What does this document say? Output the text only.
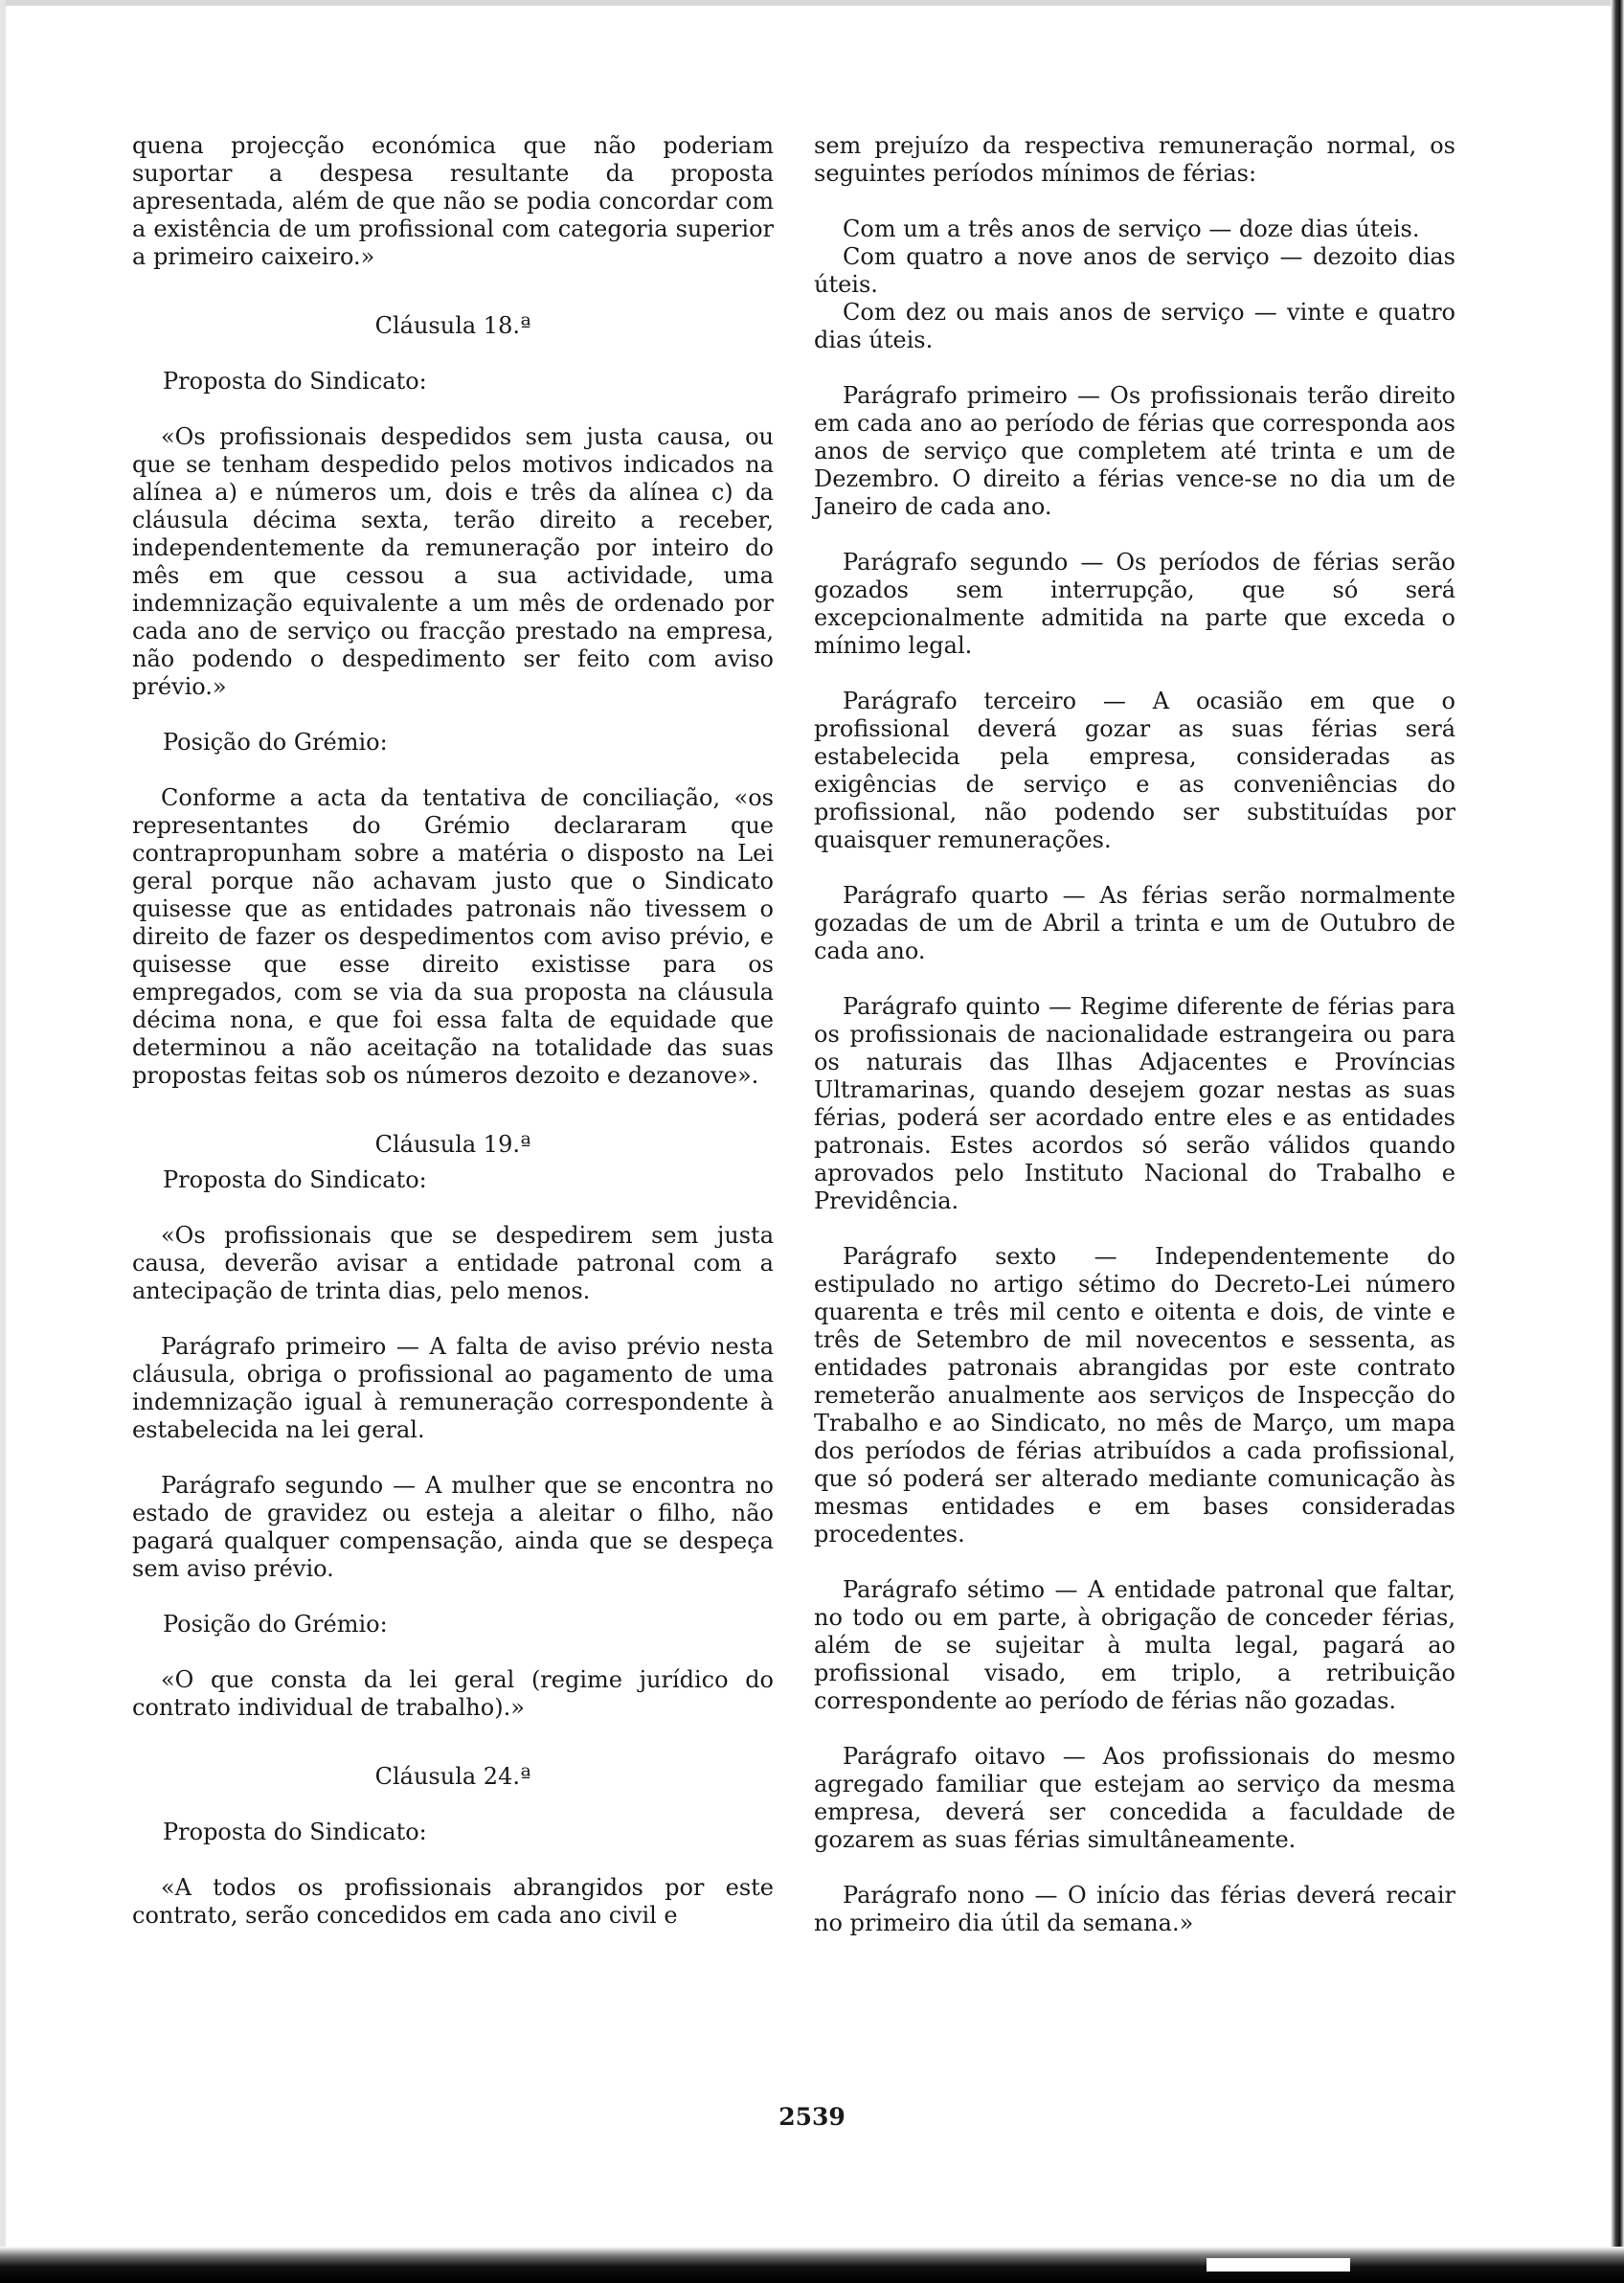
quena projecção económica que não poderiam suportar a despesa resultante da proposta apresentada, além de que não se podia concordar com a existência de um profissional com categoria superior a primeiro caixeiro.»

Cláusula 18.ª

Proposta do Sindicato:

«Os profissionais despedidos sem justa causa, ou que se tenham despedido pelos motivos indicados na alínea a) e números um, dois e três da alínea c) da cláusula décima sexta, terão direito a receber, independentemente da remuneração por inteiro do mês em que cessou a sua actividade, uma indemnização equivalente a um mês de ordenado por cada ano de serviço ou fracção prestado na empresa, não podendo o despedimento ser feito com aviso prévio.»

Posição do Grémio:

Conforme a acta da tentativa de conciliação, «os representantes do Grémio declararam que contrapropunham sobre a matéria o disposto na Lei geral porque não achavam justo que o Sindicato quisesse que as entidades patronais não tivessem o direito de fazer os despedimentos com aviso prévio, e quisesse que esse direito existisse para os empregados, com se via da sua proposta na cláusula décima nona, e que foi essa falta de equidade que determinou a não aceitação na totalidade das suas propostas feitas sob os números dezoito e dezanove».

Cláusula 19.ª

Proposta do Sindicato:

«Os profissionais que se despedirem sem justa causa, deverão avisar a entidade patronal com a antecipação de trinta dias, pelo menos.

Parágrafo primeiro — A falta de aviso prévio nesta cláusula, obriga o profissional ao pagamento de uma indemnização igual à remuneração correspondente à estabelecida na lei geral.

Parágrafo segundo — A mulher que se encontra no estado de gravidez ou esteja a aleitar o filho, não pagará qualquer compensação, ainda que se despeça sem aviso prévio.

Posição do Grémio:

«O que consta da lei geral (regime jurídico do contrato individual de trabalho).»

Cláusula 24.ª

Proposta do Sindicato:

«A todos os profissionais abrangidos por este contrato, serão concedidos em cada ano civil e

sem prejuízo da respectiva remuneração normal, os seguintes períodos mínimos de férias:

Com um a três anos de serviço — doze dias úteis.

Com quatro a nove anos de serviço — dezoito dias úteis.

Com dez ou mais anos de serviço — vinte e quatro dias úteis.

Parágrafo primeiro — Os profissionais terão direito em cada ano ao período de férias que corresponda aos anos de serviço que completem até trinta e um de Dezembro. O direito a férias vence-se no dia um de Janeiro de cada ano.

Parágrafo segundo — Os períodos de férias serão gozados sem interrupção, que só será excepcionalmente admitida na parte que exceda o mínimo legal.

Parágrafo terceiro — A ocasião em que o profissional deverá gozar as suas férias será estabelecida pela empresa, consideradas as exigências de serviço e as conveniências do profissional, não podendo ser substituídas por quaisquer remunerações.

Parágrafo quarto — As férias serão normalmente gozadas de um de Abril a trinta e um de Outubro de cada ano.

Parágrafo quinto — Regime diferente de férias para os profissionais de nacionalidade estrangeira ou para os naturais das Ilhas Adjacentes e Províncias Ultramarinas, quando desejem gozar nestas as suas férias, poderá ser acordado entre eles e as entidades patronais. Estes acordos só serão válidos quando aprovados pelo Instituto Nacional do Trabalho e Previdência.

Parágrafo sexto — Independentemente do estipulado no artigo sétimo do Decreto-Lei número quarenta e três mil cento e oitenta e dois, de vinte e três de Setembro de mil novecentos e sessenta, as entidades patronais abrangidas por este contrato remeterão anualmente aos serviços de Inspecção do Trabalho e ao Sindicato, no mês de Março, um mapa dos períodos de férias atribuídos a cada profissional, que só poderá ser alterado mediante comunicação às mesmas entidades e em bases consideradas procedentes.

Parágrafo sétimo — A entidade patronal que faltar, no todo ou em parte, à obrigação de conceder férias, além de se sujeitar à multa legal, pagará ao profissional visado, em triplo, a retribuição correspondente ao período de férias não gozadas.

Parágrafo oitavo — Aos profissionais do mesmo agregado familiar que estejam ao serviço da mesma empresa, deverá ser concedida a faculdade de gozarem as suas férias simultâneamente.

Parágrafo nono — O início das férias deverá recair no primeiro dia útil da semana.»

2539
